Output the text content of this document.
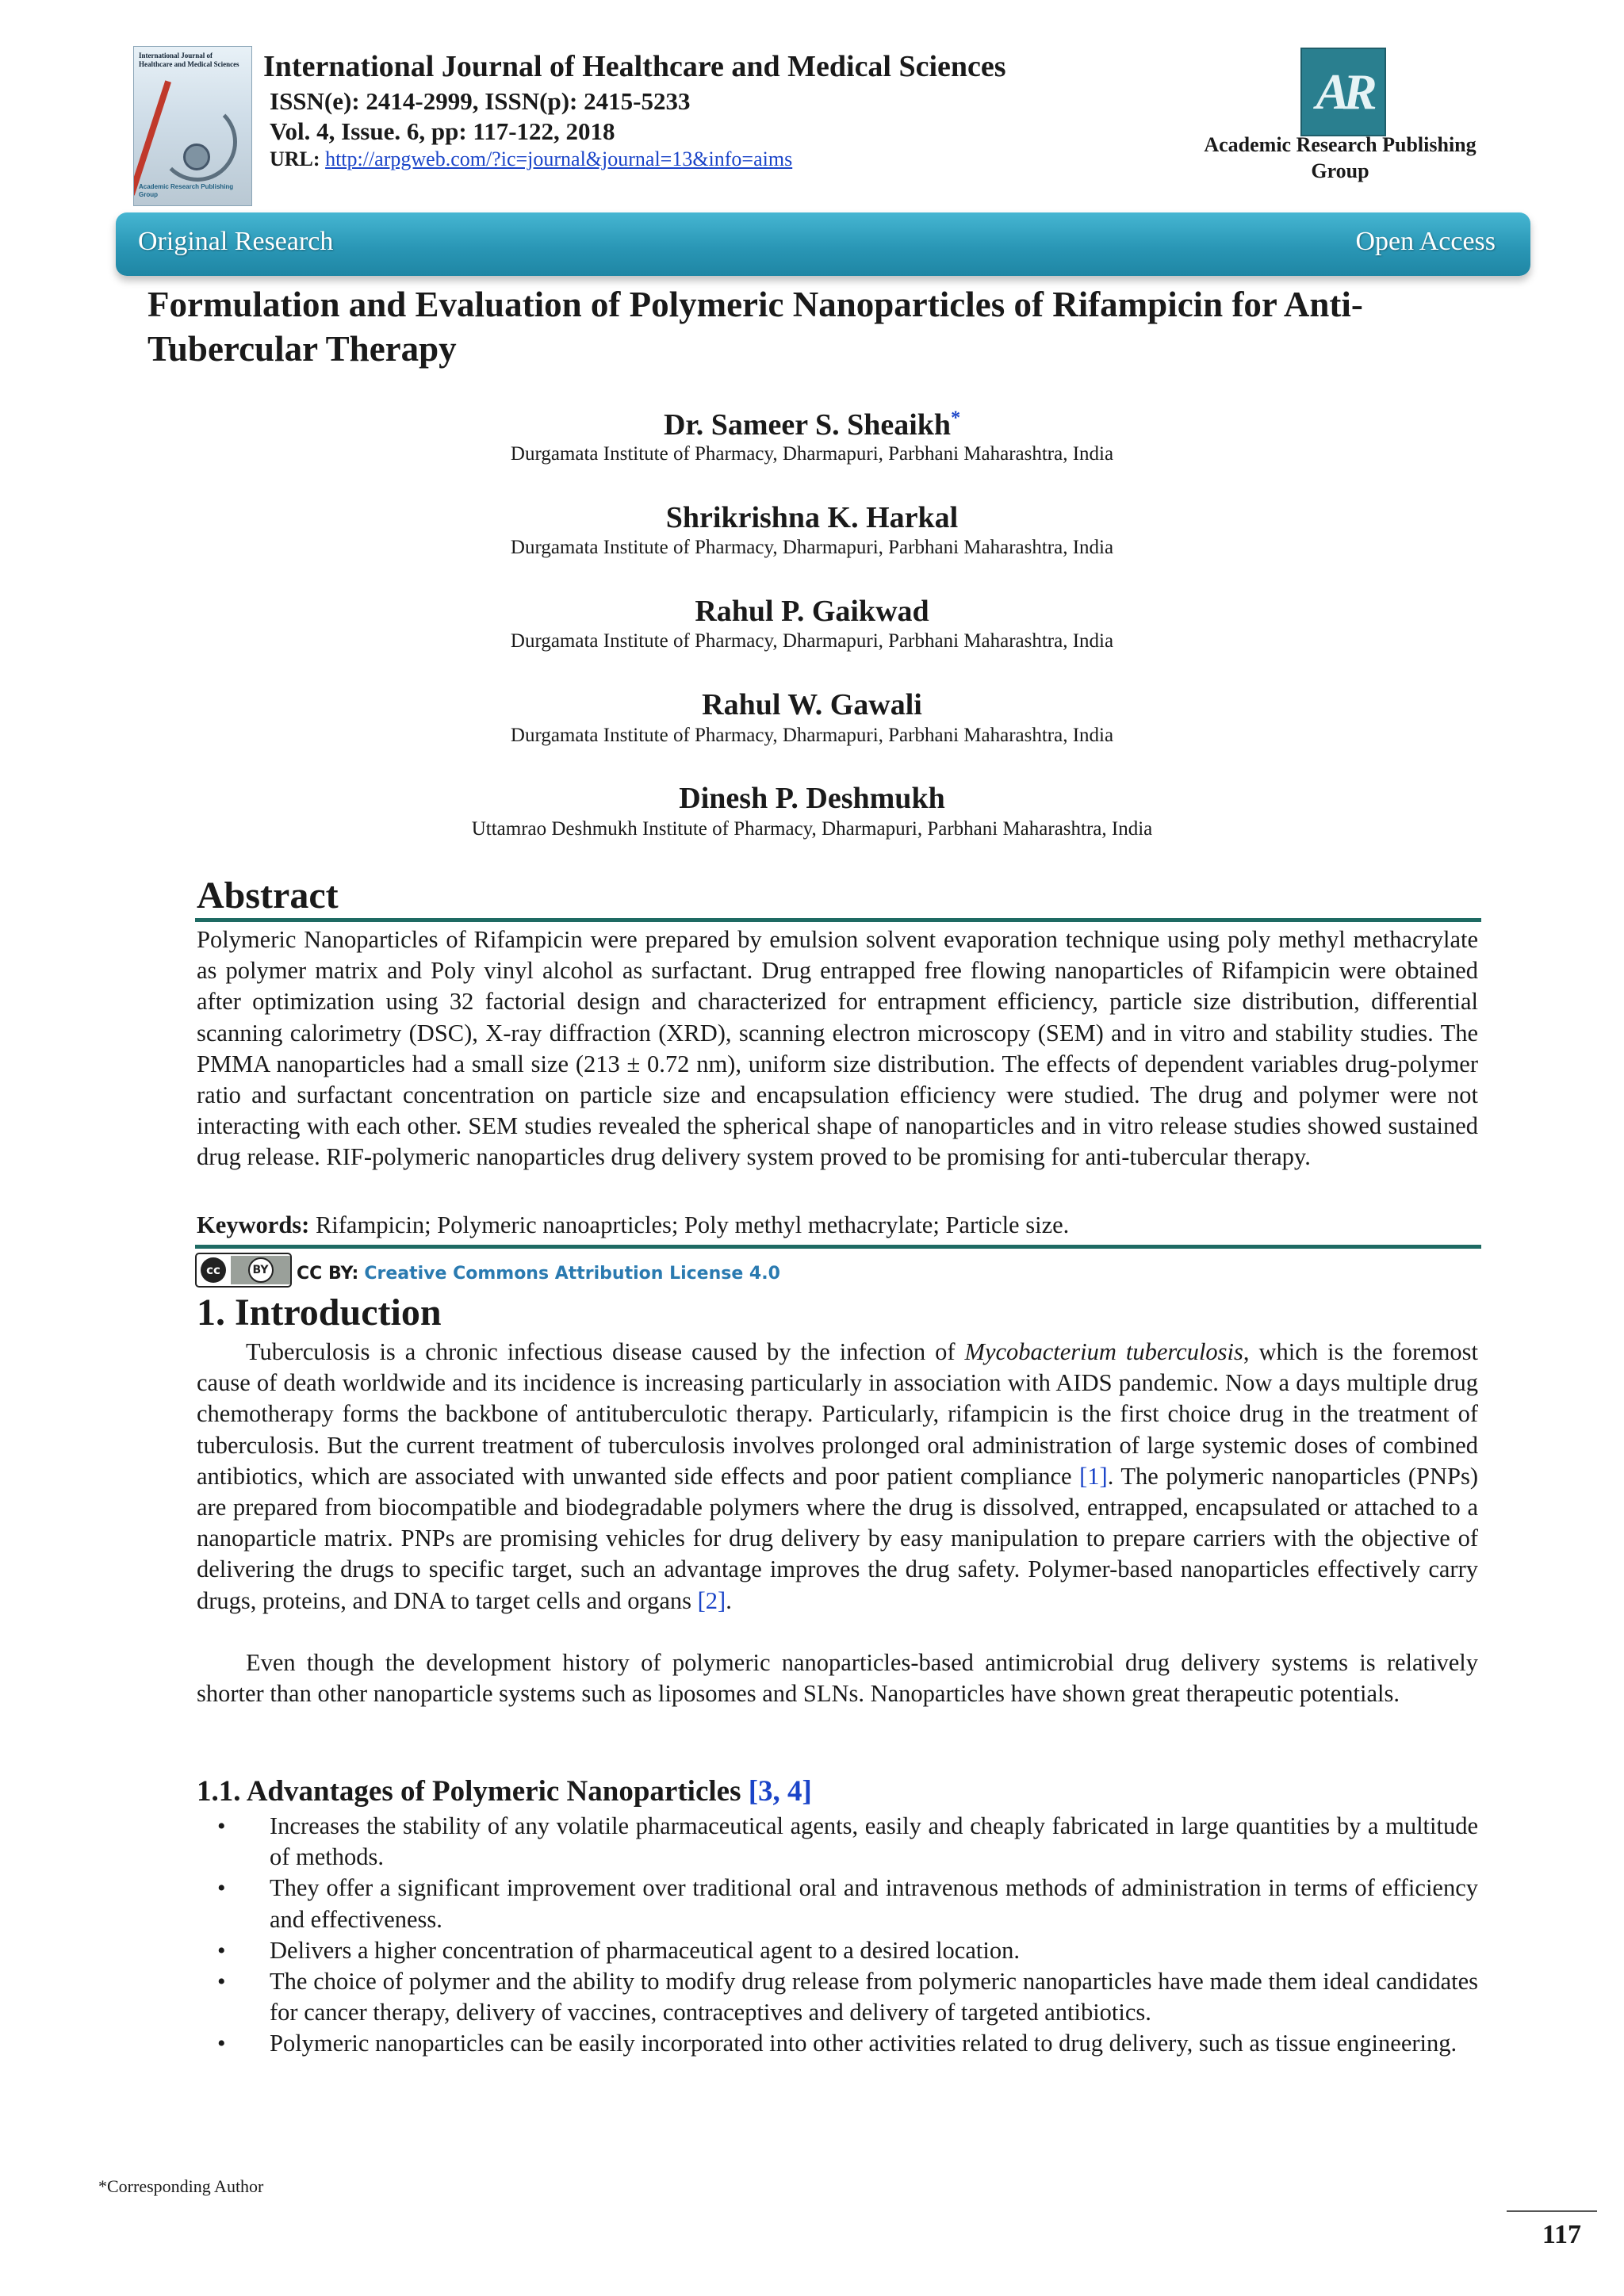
International Journal of Healthcare and Medical Sciences
Academic Research Publishing Group
International Journal of Healthcare and Medical Sciences
ISSN(e): 2414-2999, ISSN(p): 2415-5233
Vol. 4, Issue. 6, pp: 117-122, 2018
URL: http://arpgweb.com/?ic=journal&journal=13&info=aims
AR
Academic Research Publishing Group
Original Research	Open Access
Formulation and Evaluation of Polymeric Nanoparticles of Rifampicin for Anti-Tubercular Therapy
Dr. Sameer S. Sheaikh*
Durgamata Institute of Pharmacy, Dharmapuri, Parbhani Maharashtra, India
Shrikrishna K. Harkal
Durgamata Institute of Pharmacy, Dharmapuri, Parbhani Maharashtra, India
Rahul P. Gaikwad
Durgamata Institute of Pharmacy, Dharmapuri, Parbhani Maharashtra, India
Rahul W. Gawali
Durgamata Institute of Pharmacy, Dharmapuri, Parbhani Maharashtra, India
Dinesh P. Deshmukh
Uttamrao Deshmukh Institute of Pharmacy, Dharmapuri, Parbhani Maharashtra, India
Abstract
Polymeric Nanoparticles of Rifampicin were prepared by emulsion solvent evaporation technique using poly methyl methacrylate as polymer matrix and Poly vinyl alcohol as surfactant. Drug entrapped free flowing nanoparticles of Rifampicin were obtained after optimization using 32 factorial design and characterized for entrapment efficiency, particle size distribution, differential scanning calorimetry (DSC), X-ray diffraction (XRD), scanning electron microscopy (SEM) and in vitro and stability studies. The PMMA nanoparticles had a small size (213 ± 0.72 nm), uniform size distribution. The effects of dependent variables drug-polymer ratio and surfactant concentration on particle size and encapsulation efficiency were studied. The drug and polymer were not interacting with each other. SEM studies revealed the spherical shape of nanoparticles and in vitro release studies showed sustained drug release. RIF-polymeric nanoparticles drug delivery system proved to be promising for anti-tubercular therapy.
Keywords: Rifampicin; Polymeric nanoaprticles; Poly methyl methacrylate; Particle size.
cc	BY CC BY: Creative Commons Attribution License 4.0
1. Introduction
Tuberculosis is a chronic infectious disease caused by the infection of Mycobacterium tuberculosis, which is the foremost cause of death worldwide and its incidence is increasing particularly in association with AIDS pandemic. Now a days multiple drug chemotherapy forms the backbone of antituberculotic therapy. Particularly, rifampicin is the first choice drug in the treatment of tuberculosis. But the current treatment of tuberculosis involves prolonged oral administration of large systemic doses of combined antibiotics, which are associated with unwanted side effects and poor patient compliance [1]. The polymeric nanoparticles (PNPs) are prepared from biocompatible and biodegradable polymers where the drug is dissolved, entrapped, encapsulated or attached to a nanoparticle matrix. PNPs are promising vehicles for drug delivery by easy manipulation to prepare carriers with the objective of delivering the drugs to specific target, such an advantage improves the drug safety. Polymer-based nanoparticles effectively carry drugs, proteins, and DNA to target cells and organs [2].
Even though the development history of polymeric nanoparticles-based antimicrobial drug delivery systems is relatively shorter than other nanoparticle systems such as liposomes and SLNs. Nanoparticles have shown great therapeutic potentials.
1.1. Advantages of Polymeric Nanoparticles [3, 4]
• Increases the stability of any volatile pharmaceutical agents, easily and cheaply fabricated in large quantities by a multitude of methods.
• They offer a significant improvement over traditional oral and intravenous methods of administration in terms of efficiency and effectiveness.
• Delivers a higher concentration of pharmaceutical agent to a desired location.
• The choice of polymer and the ability to modify drug release from polymeric nanoparticles have made them ideal candidates for cancer therapy, delivery of vaccines, contraceptives and delivery of targeted antibiotics.
• Polymeric nanoparticles can be easily incorporated into other activities related to drug delivery, such as tissue engineering.
*Corresponding Author
117
